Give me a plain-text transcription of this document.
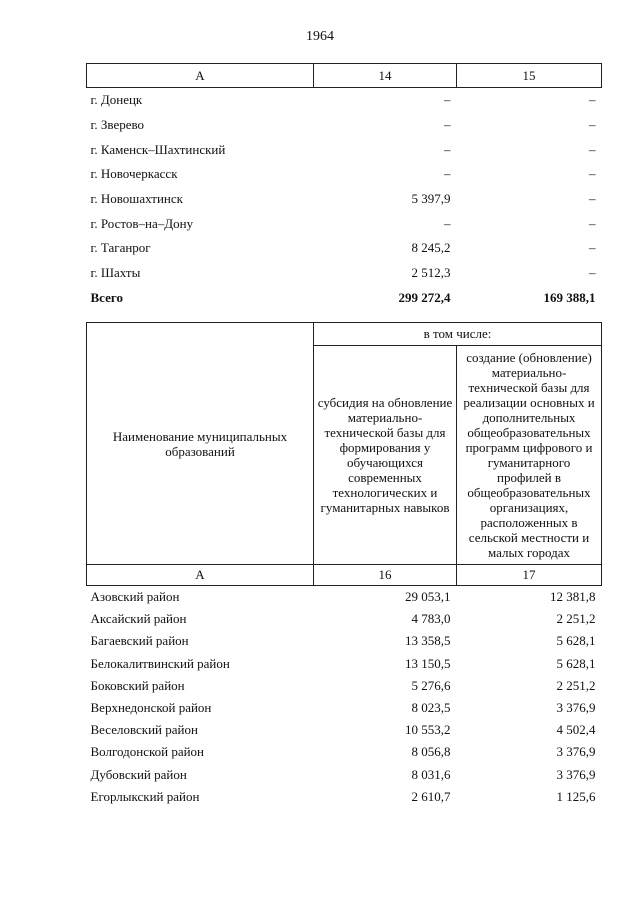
1964
А	14	15
г. Донецк	–	–
г. Зверево	–	–
г. Каменск–Шахтинский	–	–
г. Новочеркасск	–	–
г. Новошахтинск	5 397,9	–
г. Ростов–на–Дону	–	–
г. Таганрог	8 245,2	–
г. Шахты	2 512,3	–
Всего	299 272,4	169 388,1
Наименование муниципальных образований	в том числе:	
	субсидия на обновление материально-технической базы для формирования у обучающихся современных технологических и гуманитарных навыков	создание (обновление) материально-технической базы для реализации основных и дополнительных общеобразовательных программ цифрового и гуманитарного профилей в общеобразовательных организациях, расположенных в сельской местности и малых городах
А	16	17
Азовский район	29 053,1	12 381,8
Аксайский район	4 783,0	2 251,2
Багаевский район	13 358,5	5 628,1
Белокалитвинский район	13 150,5	5 628,1
Боковский район	5 276,6	2 251,2
Верхнедонской район	8 023,5	3 376,9
Веселовский район	10 553,2	4 502,4
Волгодонской район	8 056,8	3 376,9
Дубовский район	8 031,6	3 376,9
Егорлыкский район	2 610,7	1 125,6
